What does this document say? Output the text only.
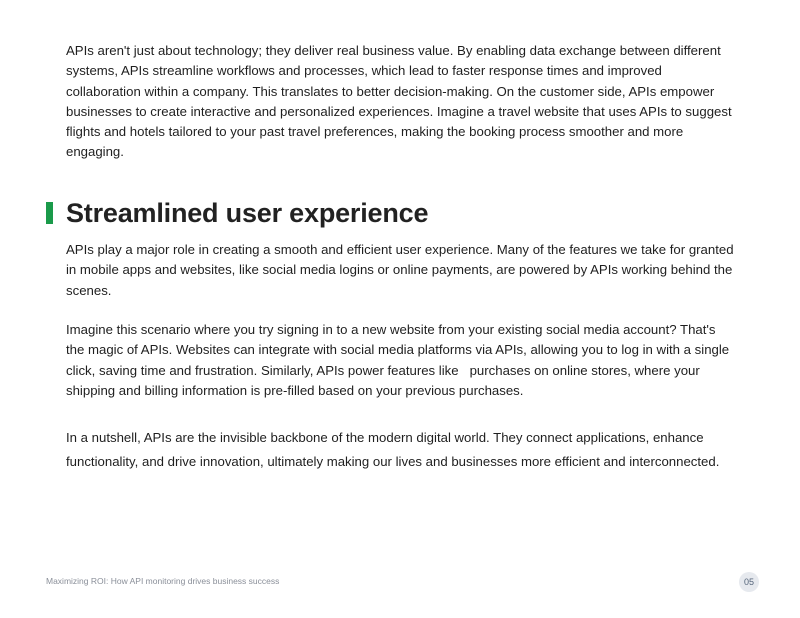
APIs aren't just about technology; they deliver real business value. By enabling data exchange between different systems, APIs streamline workflows and processes, which lead to faster response times and improved collaboration within a company. This translates to better decision-making. On the customer side, APIs empower businesses to create interactive and personalized experiences. Imagine a travel website that uses APIs to suggest flights and hotels tailored to your past travel preferences, making the booking process smoother and more engaging.

Streamlined user experience

APIs play a major role in creating a smooth and efficient user experience. Many of the features we take for granted in mobile apps and websites, like social media logins or online payments, are powered by APIs working behind the scenes.

Imagine this scenario where you try signing in to a new website from your existing social media account? That's the magic of APIs. Websites can integrate with social media platforms via APIs, allowing you to log in with a single click, saving time and frustration. Similarly, APIs power features like   purchases on online stores, where your shipping and billing information is pre-filled based on your previous purchases.

In a nutshell, APIs are the invisible backbone of the modern digital world. They connect applications, enhance functionality, and drive innovation, ultimately making our lives and businesses more efficient and interconnected.

Maximizing ROI: How API monitoring drives business success	05
